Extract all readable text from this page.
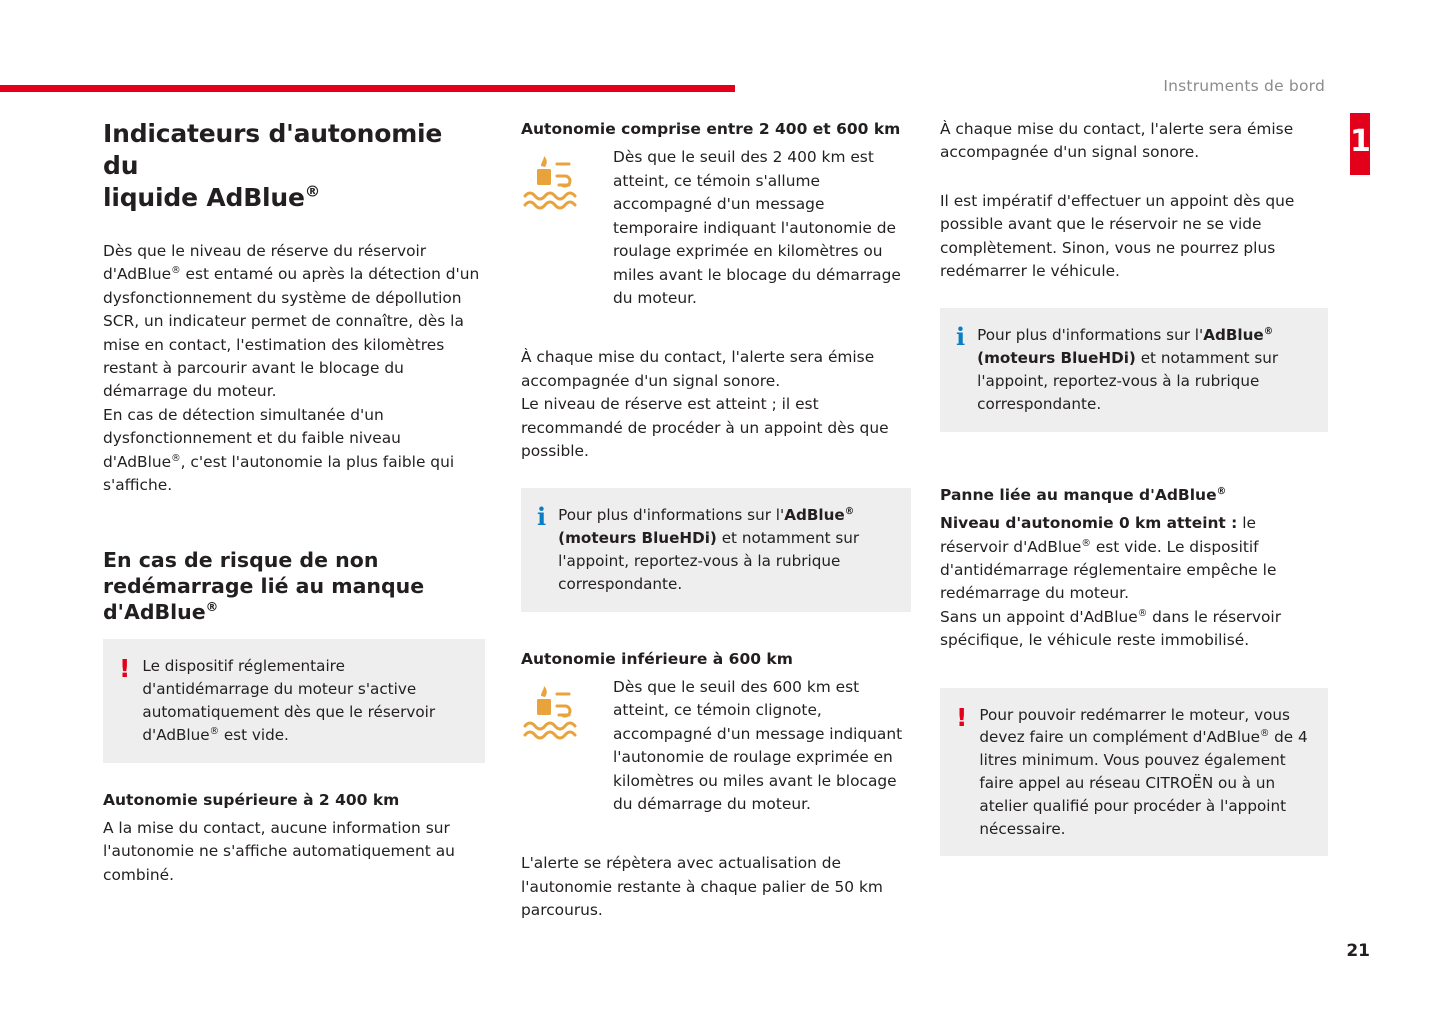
Instruments de bord
1
Indicateurs d'autonomie du
liquide AdBlue®

Dès que le niveau de réserve du réservoir d'AdBlue® est entamé ou après la détection d'un dysfonctionnement du système de dépollution SCR, un indicateur permet de connaître, dès la mise en contact, l'estimation des kilomètres restant à parcourir avant le blocage du démarrage du moteur.
En cas de détection simultanée d'un dysfonctionnement et du faible niveau d'AdBlue®, c'est l'autonomie la plus faible qui s'affiche.

En cas de risque de non redémarrage lié au manque d'AdBlue®
! Le dispositif réglementaire d'antidémarrage du moteur s'active automatiquement dès que le réservoir d'AdBlue® est vide.

Autonomie supérieure à 2 400 km

A la mise du contact, aucune information sur l'autonomie ne s'affiche automatiquement au combiné.

Autonomie comprise entre 2 400 et 600 km

Dès que le seuil des 2 400 km est atteint, ce témoin s'allume accompagné d'un message temporaire indiquant l'autonomie de roulage exprimée en kilomètres ou miles avant le blocage du démarrage du moteur.

À chaque mise du contact, l'alerte sera émise accompagnée d'un signal sonore.
Le niveau de réserve est atteint ; il est recommandé de procéder à un appoint dès que possible.

i Pour plus d'informations sur l'AdBlue® (moteurs BlueHDi) et notamment sur l'appoint, reportez-vous à la rubrique correspondante.

Autonomie inférieure à 600 km

Dès que le seuil des 600 km est atteint, ce témoin clignote, accompagné d'un message indiquant l'autonomie de roulage exprimée en kilomètres ou miles avant le blocage du démarrage du moteur.

L'alerte se répètera avec actualisation de l'autonomie restante à chaque palier de 50 km parcourus.

À chaque mise du contact, l'alerte sera émise accompagnée d'un signal sonore.

Il est impératif d'effectuer un appoint dès que possible avant que le réservoir ne se vide complètement. Sinon, vous ne pourrez plus redémarrer le véhicule.

i Pour plus d'informations sur l'AdBlue® (moteurs BlueHDi) et notamment sur l'appoint, reportez-vous à la rubrique correspondante.

Panne liée au manque d'AdBlue®

Niveau d'autonomie 0 km atteint : le réservoir d'AdBlue® est vide. Le dispositif d'antidémarrage réglementaire empêche le redémarrage du moteur.
Sans un appoint d'AdBlue® dans le réservoir spécifique, le véhicule reste immobilisé.

! Pour pouvoir redémarrer le moteur, vous devez faire un complément d'AdBlue® de 4 litres minimum. Vous pouvez également faire appel au réseau CITROËN ou à un atelier qualifié pour procéder à l'appoint nécessaire.

21
